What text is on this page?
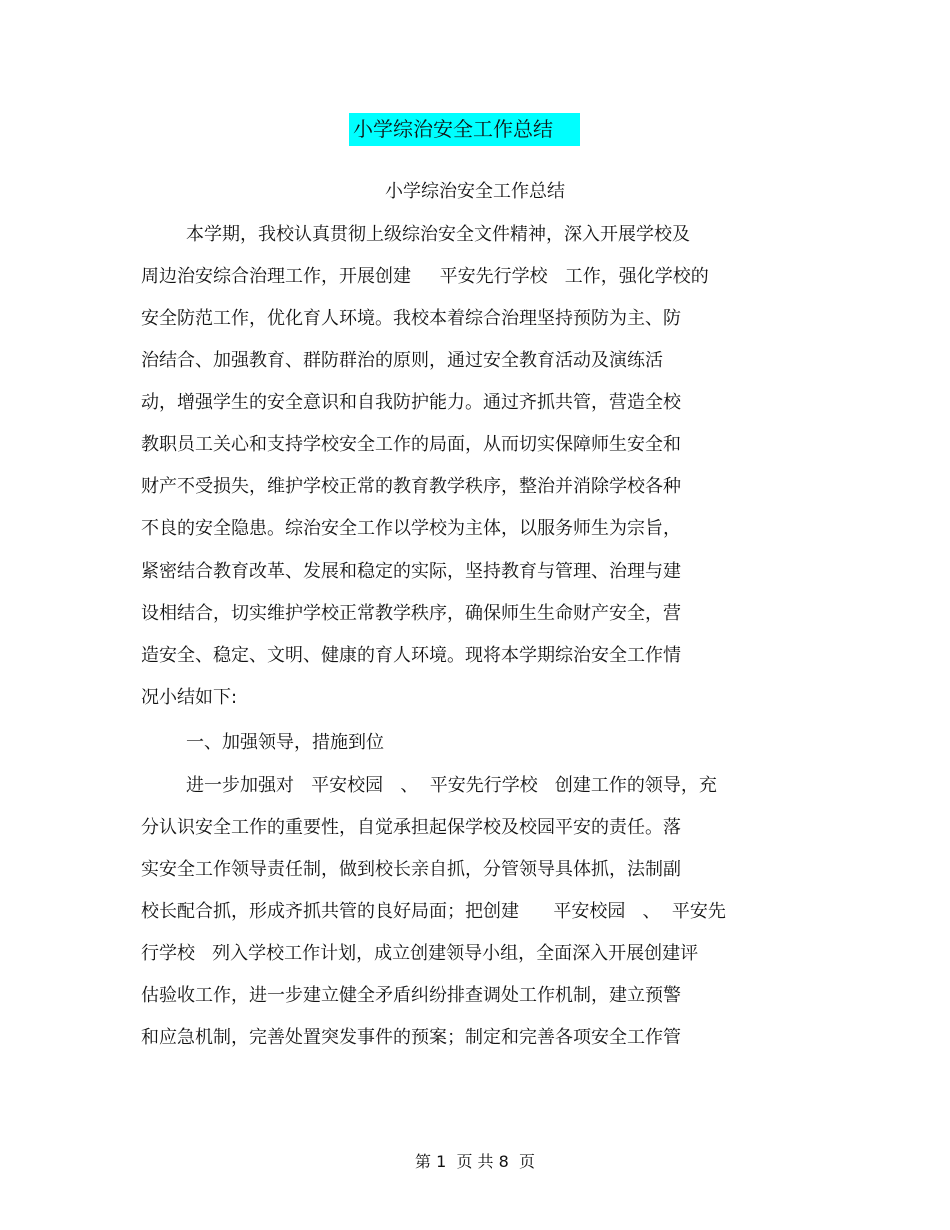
小学综治安全工作总结
小学综治安全工作总结
本学期，我校认真贯彻上级综治安全文件精神，深入开展学校及
周边治安综合治理工作，开展创建     平安先行学校   工作，强化学校的
安全防范工作，优化育人环境。我校本着综合治理坚持预防为主、防
治结合、加强教育、群防群治的原则，通过安全教育活动及演练活
动，增强学生的安全意识和自我防护能力。通过齐抓共管，营造全校
教职员工关心和支持学校安全工作的局面，从而切实保障师生安全和
财产不受损失，维护学校正常的教育教学秩序，整治并消除学校各种
不良的安全隐患。综治安全工作以学校为主体，以服务师生为宗旨，
紧密结合教育改革、发展和稳定的实际，坚持教育与管理、治理与建
设相结合，切实维护学校正常教学秩序，确保师生生命财产安全，营
造安全、稳定、文明、健康的育人环境。现将本学期综治安全工作情
况小结如下:
一、加强领导，措施到位
进一步加强对   平安校园   、  平安先行学校   创建工作的领导，充
分认识安全工作的重要性，自觉承担起保学校及校园平安的责任。落
实安全工作领导责任制，做到校长亲自抓，分管领导具体抓，法制副
校长配合抓，形成齐抓共管的良好局面；把创建      平安校园   、  平安先
行学校   列入学校工作计划，成立创建领导小组，全面深入开展创建评
估验收工作，进一步建立健全矛盾纠纷排查调处工作机制，建立预警
和应急机制，完善处置突发事件的预案；制定和完善各项安全工作管
第 1  页 共 8  页
